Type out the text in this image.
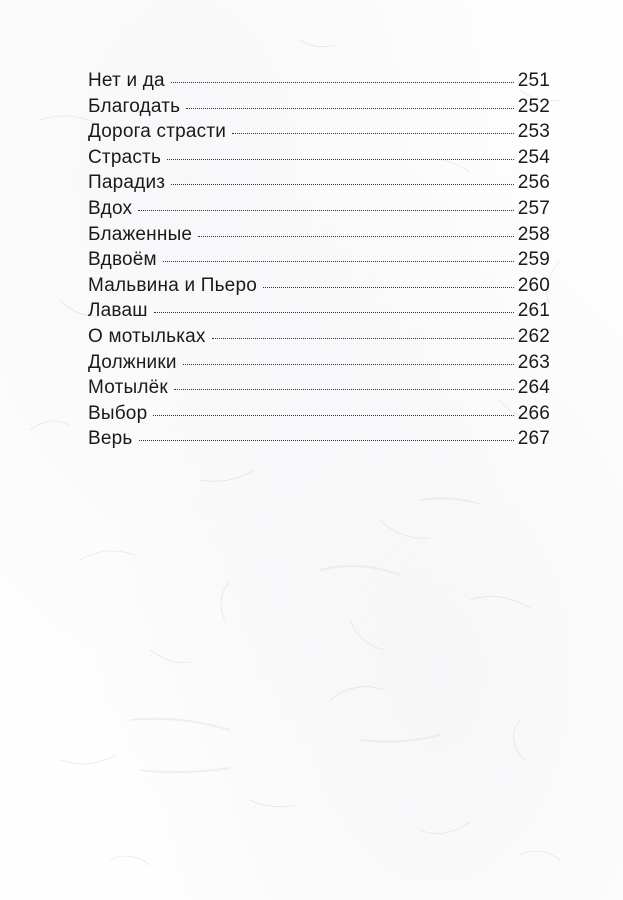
Нет и да	251
Благодать	252
Дорога страсти	253
Страсть	254
Парадиз	256
Вдох	257
Блаженные	258
Вдвоём	259
Мальвина и Пьеро	260
Лаваш	261
О мотыльках	262
Должники	263
Мотылёк	264
Выбор	266
Верь	267
